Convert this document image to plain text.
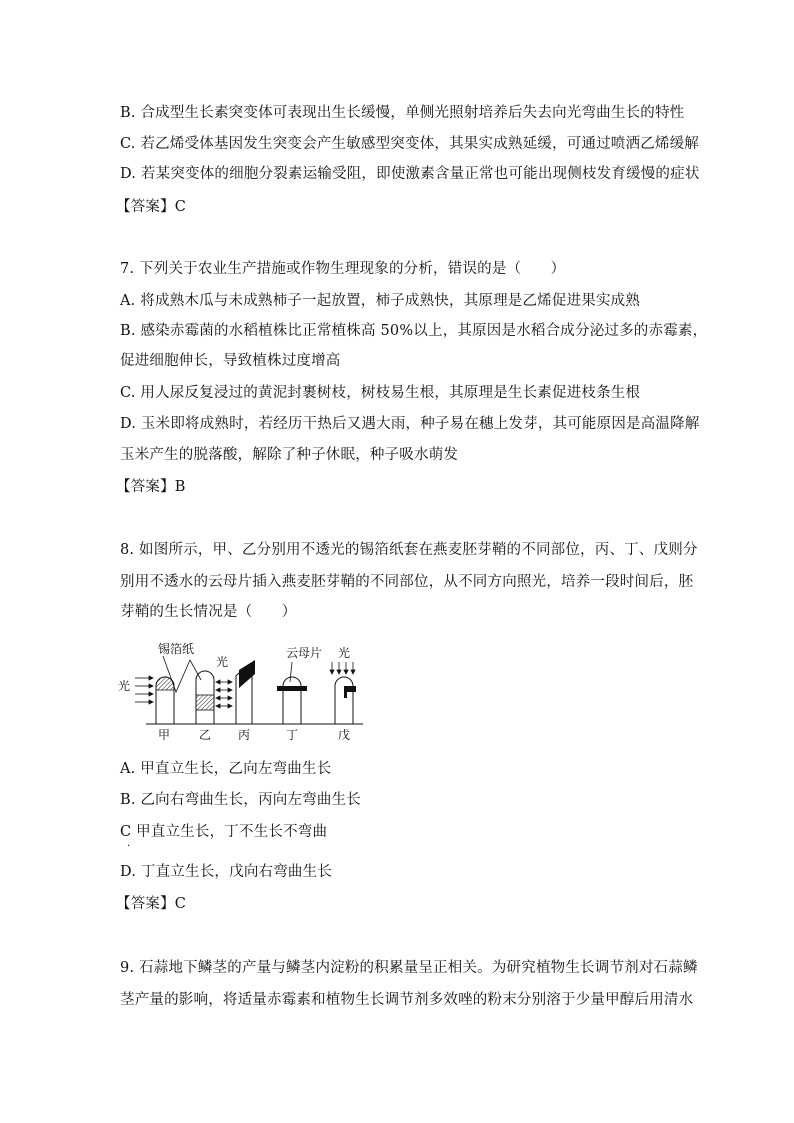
B. 合成型生长素突变体可表现出生长缓慢，单侧光照射培养后失去向光弯曲生长的特性
C. 若乙烯受体基因发生突变会产生敏感型突变体，其果实成熟延缓，可通过喷洒乙烯缓解
D. 若某突变体的细胞分裂素运输受阻，即使激素含量正常也可能出现侧枝发育缓慢的症状
【答案】C
7. 下列关于农业生产措施或作物生理现象的分析，错误的是（　　）
A. 将成熟木瓜与未成熟柿子一起放置，柿子成熟快，其原理是乙烯促进果实成熟
B. 感染赤霉菌的水稻植株比正常植株高 50%以上，其原因是水稻合成分泌过多的赤霉素，
促进细胞伸长，导致植株过度增高
C. 用人尿反复浸过的黄泥封裹树枝，树枝易生根，其原理是生长素促进枝条生根
D. 玉米即将成熟时，若经历干热后又遇大雨，种子易在穗上发芽，其可能原因是高温降解
玉米产生的脱落酸，解除了种子休眠，种子吸水萌发
【答案】B
8. 如图所示，甲、乙分别用不透光的锡箔纸套在燕麦胚芽鞘的不同部位，丙、丁、戊则分
别用不透水的云母片插入燕麦胚芽鞘的不同部位，从不同方向照光，培养一段时间后，胚
芽鞘的生长情况是（　　）
锡箔纸	云母片 光
光
光
甲 乙 丙	丁	戊
A. 甲直立生长，乙向左弯曲生长
B. 乙向右弯曲生长，丙向左弯曲生长
C 甲直立生长，丁不生长不弯曲
·
D. 丁直立生长，戊向右弯曲生长
【答案】C
9. 石蒜地下鳞茎的产量与鳞茎内淀粉的积累量呈正相关。为研究植物生长调节剂对石蒜鳞
茎产量的影响，将适量赤霉素和植物生长调节剂多效唑的粉末分别溶于少量甲醇后用清水
